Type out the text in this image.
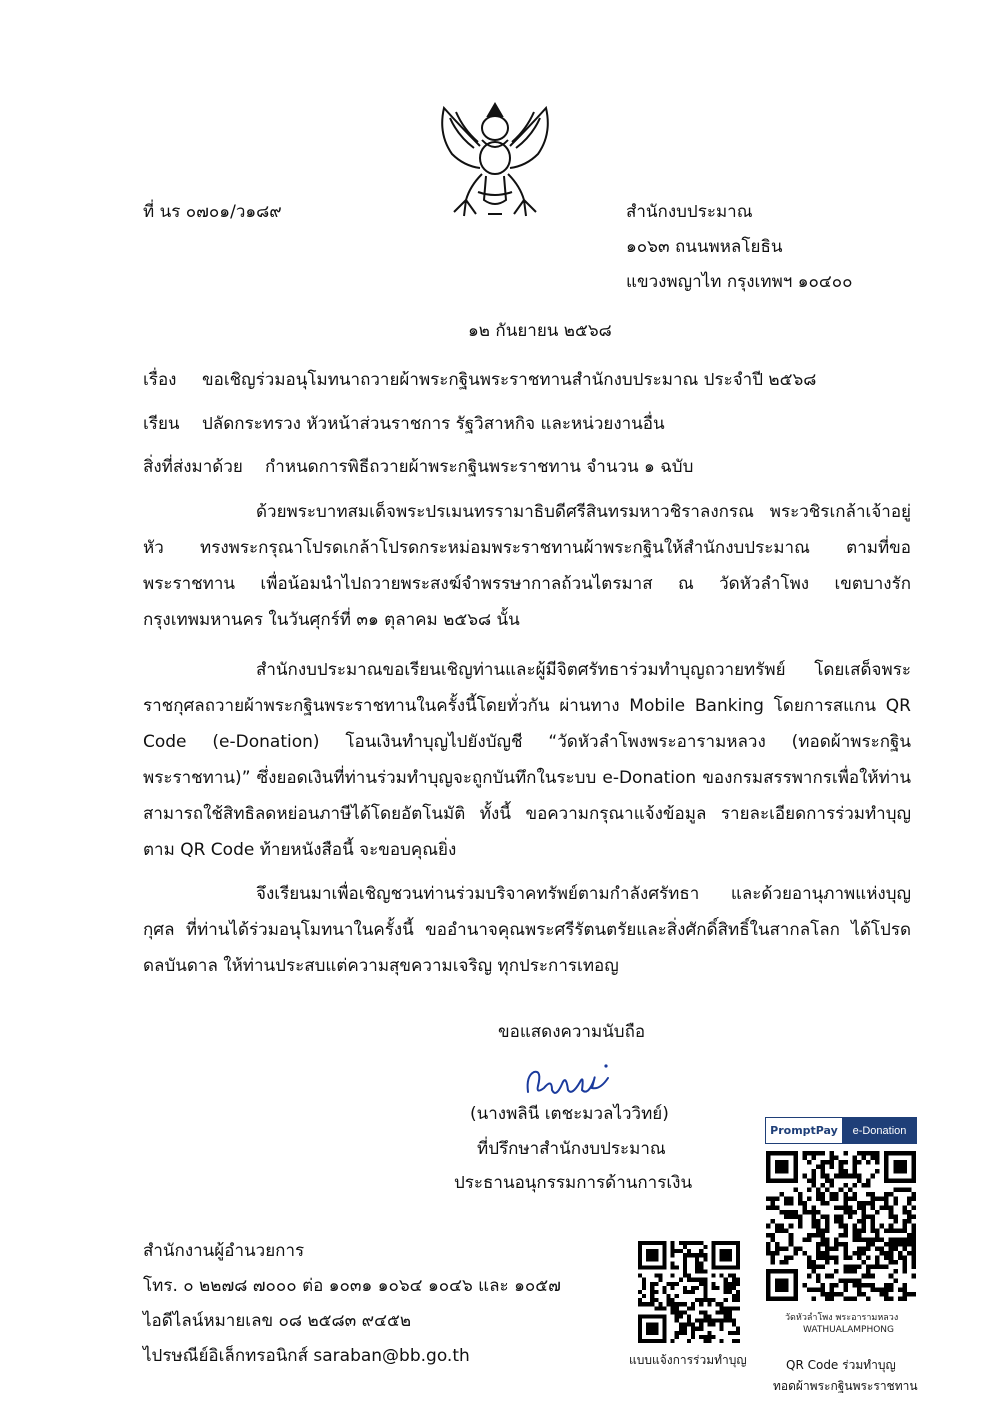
ที่ นร ๐๗๐๑/ว๑๘๙	สำนักงบประมาณ
๑๐๖๓ ถนนพหลโยธิน
แขวงพญาไท กรุงเทพฯ ๑๐๔๐๐
๑๒ กันยายน ๒๕๖๘
เรื่อง ขอเชิญร่วมอนุโมทนาถวายผ้าพระกฐินพระราชทานสำนักงบประมาณ ประจำปี ๒๕๖๘
เรียน ปลัดกระทรวง หัวหน้าส่วนราชการ รัฐวิสาหกิจ และหน่วยงานอื่น
สิ่งที่ส่งมาด้วย กำหนดการพิธีถวายผ้าพระกฐินพระราชทาน จำนวน ๑ ฉบับ
ด้วยพระบาทสมเด็จพระปรเมนทรรามาธิบดีศรีสินทรมหาวชิราลงกรณ พระวชิรเกล้าเจ้าอยู่หัว ทรงพระกรุณาโปรดเกล้าโปรดกระหม่อมพระราชทานผ้าพระกฐินให้สำนักงบประมาณ ตามที่ขอพระราชทาน เพื่อน้อมนำไปถวายพระสงฆ์จำพรรษากาลถ้วนไตรมาส ณ วัดหัวลำโพง เขตบางรัก กรุงเทพมหานคร ในวันศุกร์ที่ ๓๑ ตุลาคม ๒๕๖๘ นั้น
สำนักงบประมาณขอเรียนเชิญท่านและผู้มีจิตศรัทธาร่วมทำบุญถวายทรัพย์ โดยเสด็จพระราชกุศลถวายผ้าพระกฐินพระราชทานในครั้งนี้โดยทั่วกัน ผ่านทาง Mobile Banking โดยการสแกน QR Code (e-Donation) โอนเงินทำบุญไปยังบัญชี “วัดหัวลำโพงพระอารามหลวง (ทอดผ้าพระกฐินพระราชทาน)” ซึ่งยอดเงินที่ท่านร่วมทำบุญจะถูกบันทึกในระบบ e-Donation ของกรมสรรพากรเพื่อให้ท่านสามารถใช้สิทธิลดหย่อนภาษีได้โดยอัตโนมัติ ทั้งนี้ ขอความกรุณาแจ้งข้อมูล รายละเอียดการร่วมทำบุญตาม QR Code ท้ายหนังสือนี้ จะขอบคุณยิ่ง
จึงเรียนมาเพื่อเชิญชวนท่านร่วมบริจาคทรัพย์ตามกำลังศรัทธา และด้วยอานุภาพแห่งบุญกุศล ที่ท่านได้ร่วมอนุโมทนาในครั้งนี้ ขออำนาจคุณพระศรีรัตนตรัยและสิ่งศักดิ์สิทธิ์ในสากลโลก ได้โปรดดลบันดาล ให้ท่านประสบแต่ความสุขความเจริญ ทุกประการเทอญ
ขอแสดงความนับถือ
(นางพลินี เตชะมวลไววิทย์)
ที่ปรึกษาสำนักงบประมาณ
ประธานอนุกรรมการด้านการเงิน
สำนักงานผู้อำนวยการ
โทร. ๐ ๒๒๗๘ ๗๐๐๐ ต่อ ๑๐๓๑ ๑๐๖๔ ๑๐๔๖ และ ๑๐๕๗
ไอดีไลน์หมายเลข ๐๘ ๒๕๘๓ ๙๔๕๒
ไปรษณีย์อิเล็กทรอนิกส์ saraban@bb.go.th	แบบแจ้งการร่วมทำบุญ
PromptPay	e-Donation
วัดหัวลำโพง พระอารามหลวง
WATHUALAMPHONG
QR Code ร่วมทำบุญ
ทอดผ้าพระกฐินพระราชทาน
